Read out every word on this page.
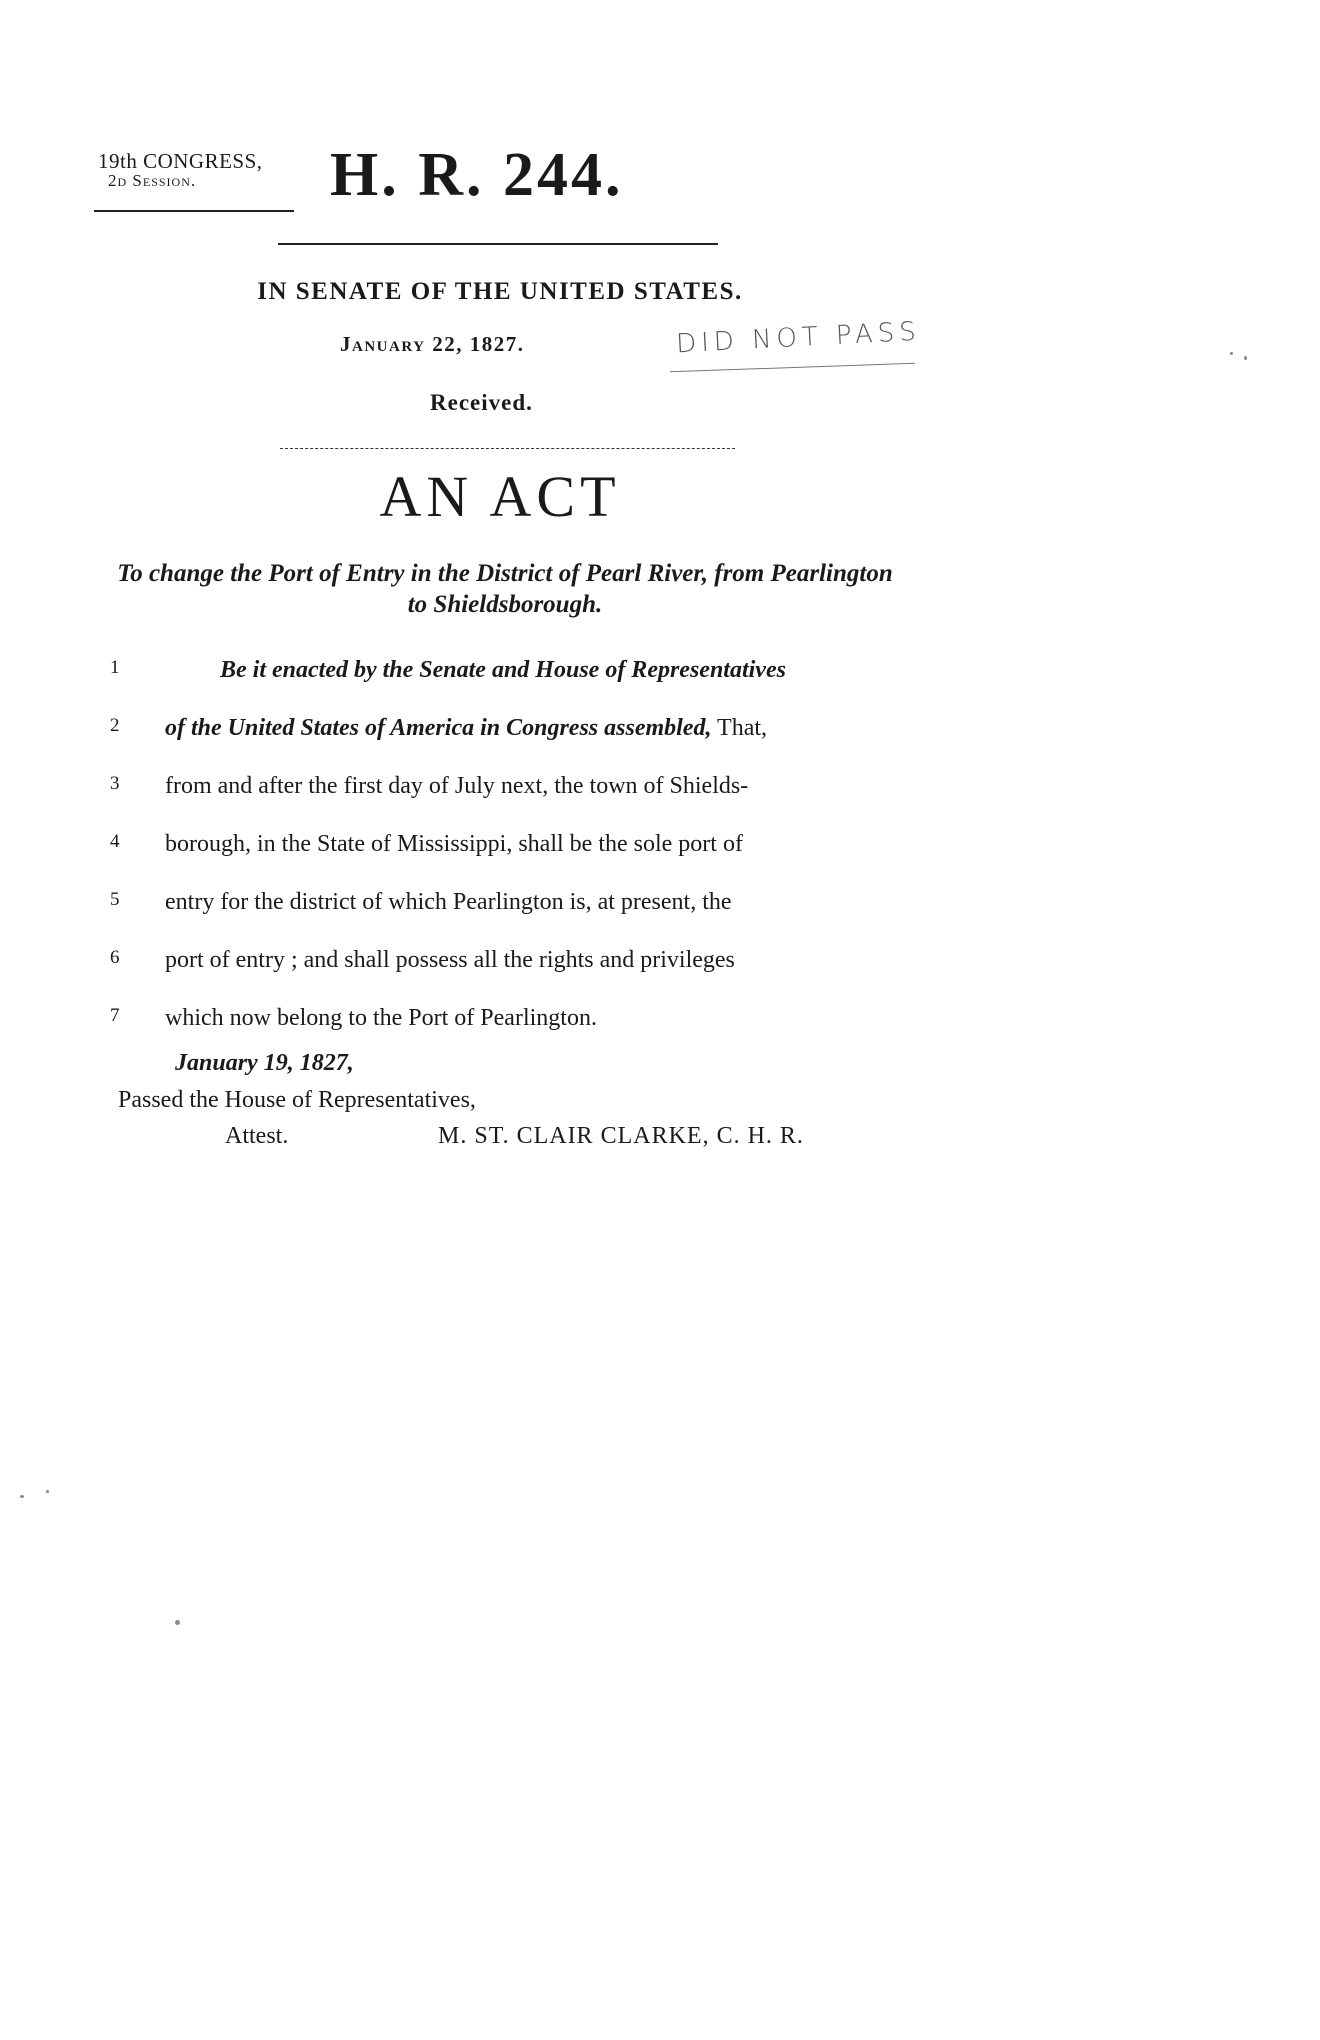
19th CONGRESS,
2d Session.	H. R. 244.
IN SENATE OF THE UNITED STATES.
January 22, 1827.	DID NOT PASS
Received.
AN ACT
To change the Port of Entry in the District of Pearl River, from Pearlington to Shieldsborough.
1	Be it enacted by the Senate and House of Representatives
2	of the United States of America in Congress assembled, That,
3	from and after the first day of July next, the town of Shields-
4	borough, in the State of Mississippi, shall be the sole port of
5	entry for the district of which Pearlington is, at present, the
6	port of entry ; and shall possess all the rights and privileges
7	which now belong to the Port of Pearlington.
January 19, 1827,
Passed the House of Representatives,
Attest.	M. ST. CLAIR CLARKE, C. H. R.
